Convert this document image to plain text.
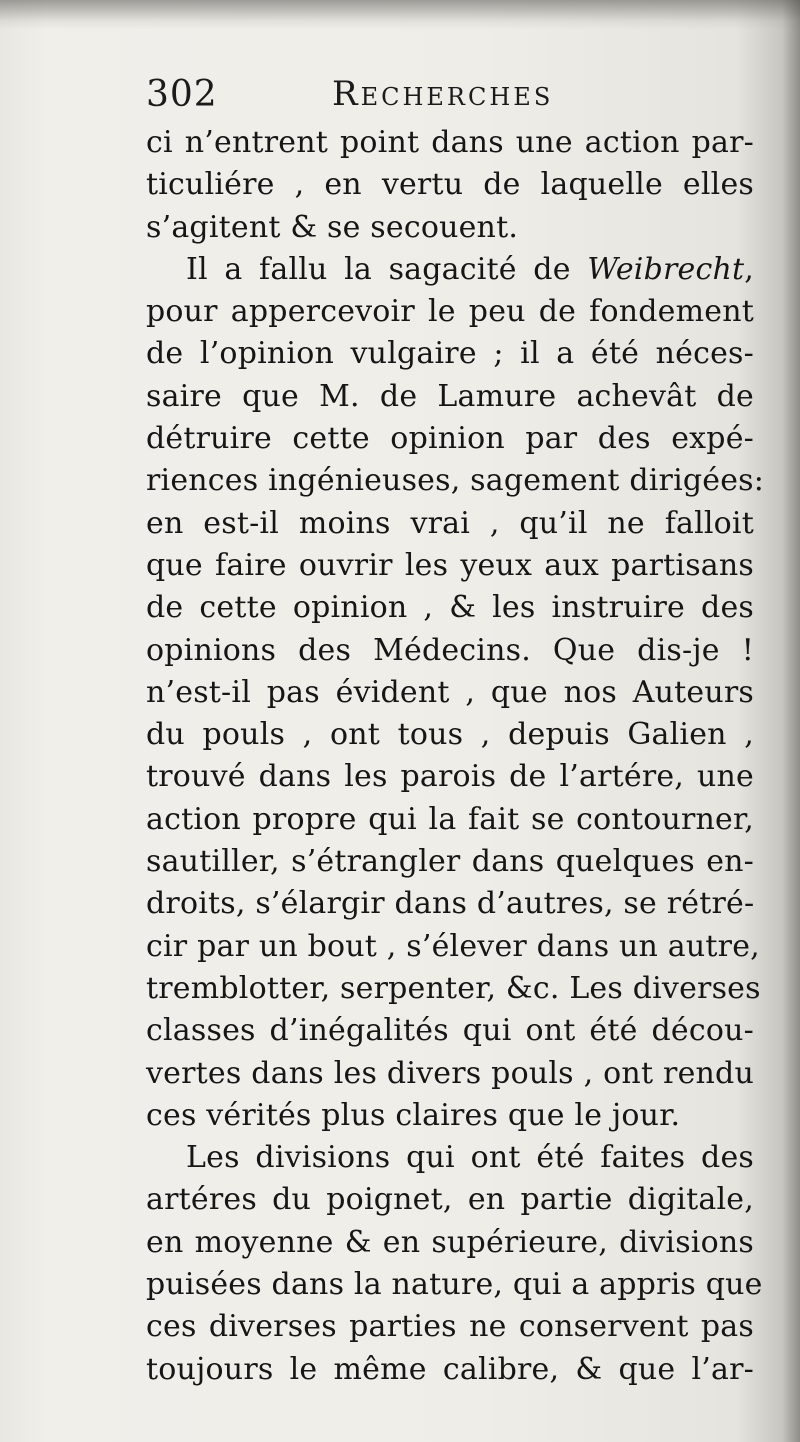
302	Recherches
ci n’entrent point dans une action par-
ticuliére , en vertu de laquelle elles
s’agitent & se secouent.
Il a fallu la sagacité de Weibrecht,
pour appercevoir le peu de fondement
de l’opinion vulgaire ; il a été néces-
saire que M. de Lamure achevât de
détruire cette opinion par des expé-
riences ingénieuses, sagement dirigées:
en est-il moins vrai , qu’il ne falloit
que faire ouvrir les yeux aux partisans
de cette opinion , & les instruire des
opinions des Médecins. Que dis-je !
n’est-il pas évident , que nos Auteurs
du pouls , ont tous , depuis Galien ,
trouvé dans les parois de l’artére, une
action propre qui la fait se contourner,
sautiller, s’étrangler dans quelques en-
droits, s’élargir dans d’autres, se rétré-
cir par un bout , s’élever dans un autre,
tremblotter, serpenter, &c. Les diverses
classes d’inégalités qui ont été décou-
vertes dans les divers pouls , ont rendu
ces vérités plus claires que le jour.
Les divisions qui ont été faites des
artéres du poignet, en partie digitale,
en moyenne & en supérieure, divisions
puisées dans la nature, qui a appris que
ces diverses parties ne conservent pas
toujours le même calibre, & que l’ar-
